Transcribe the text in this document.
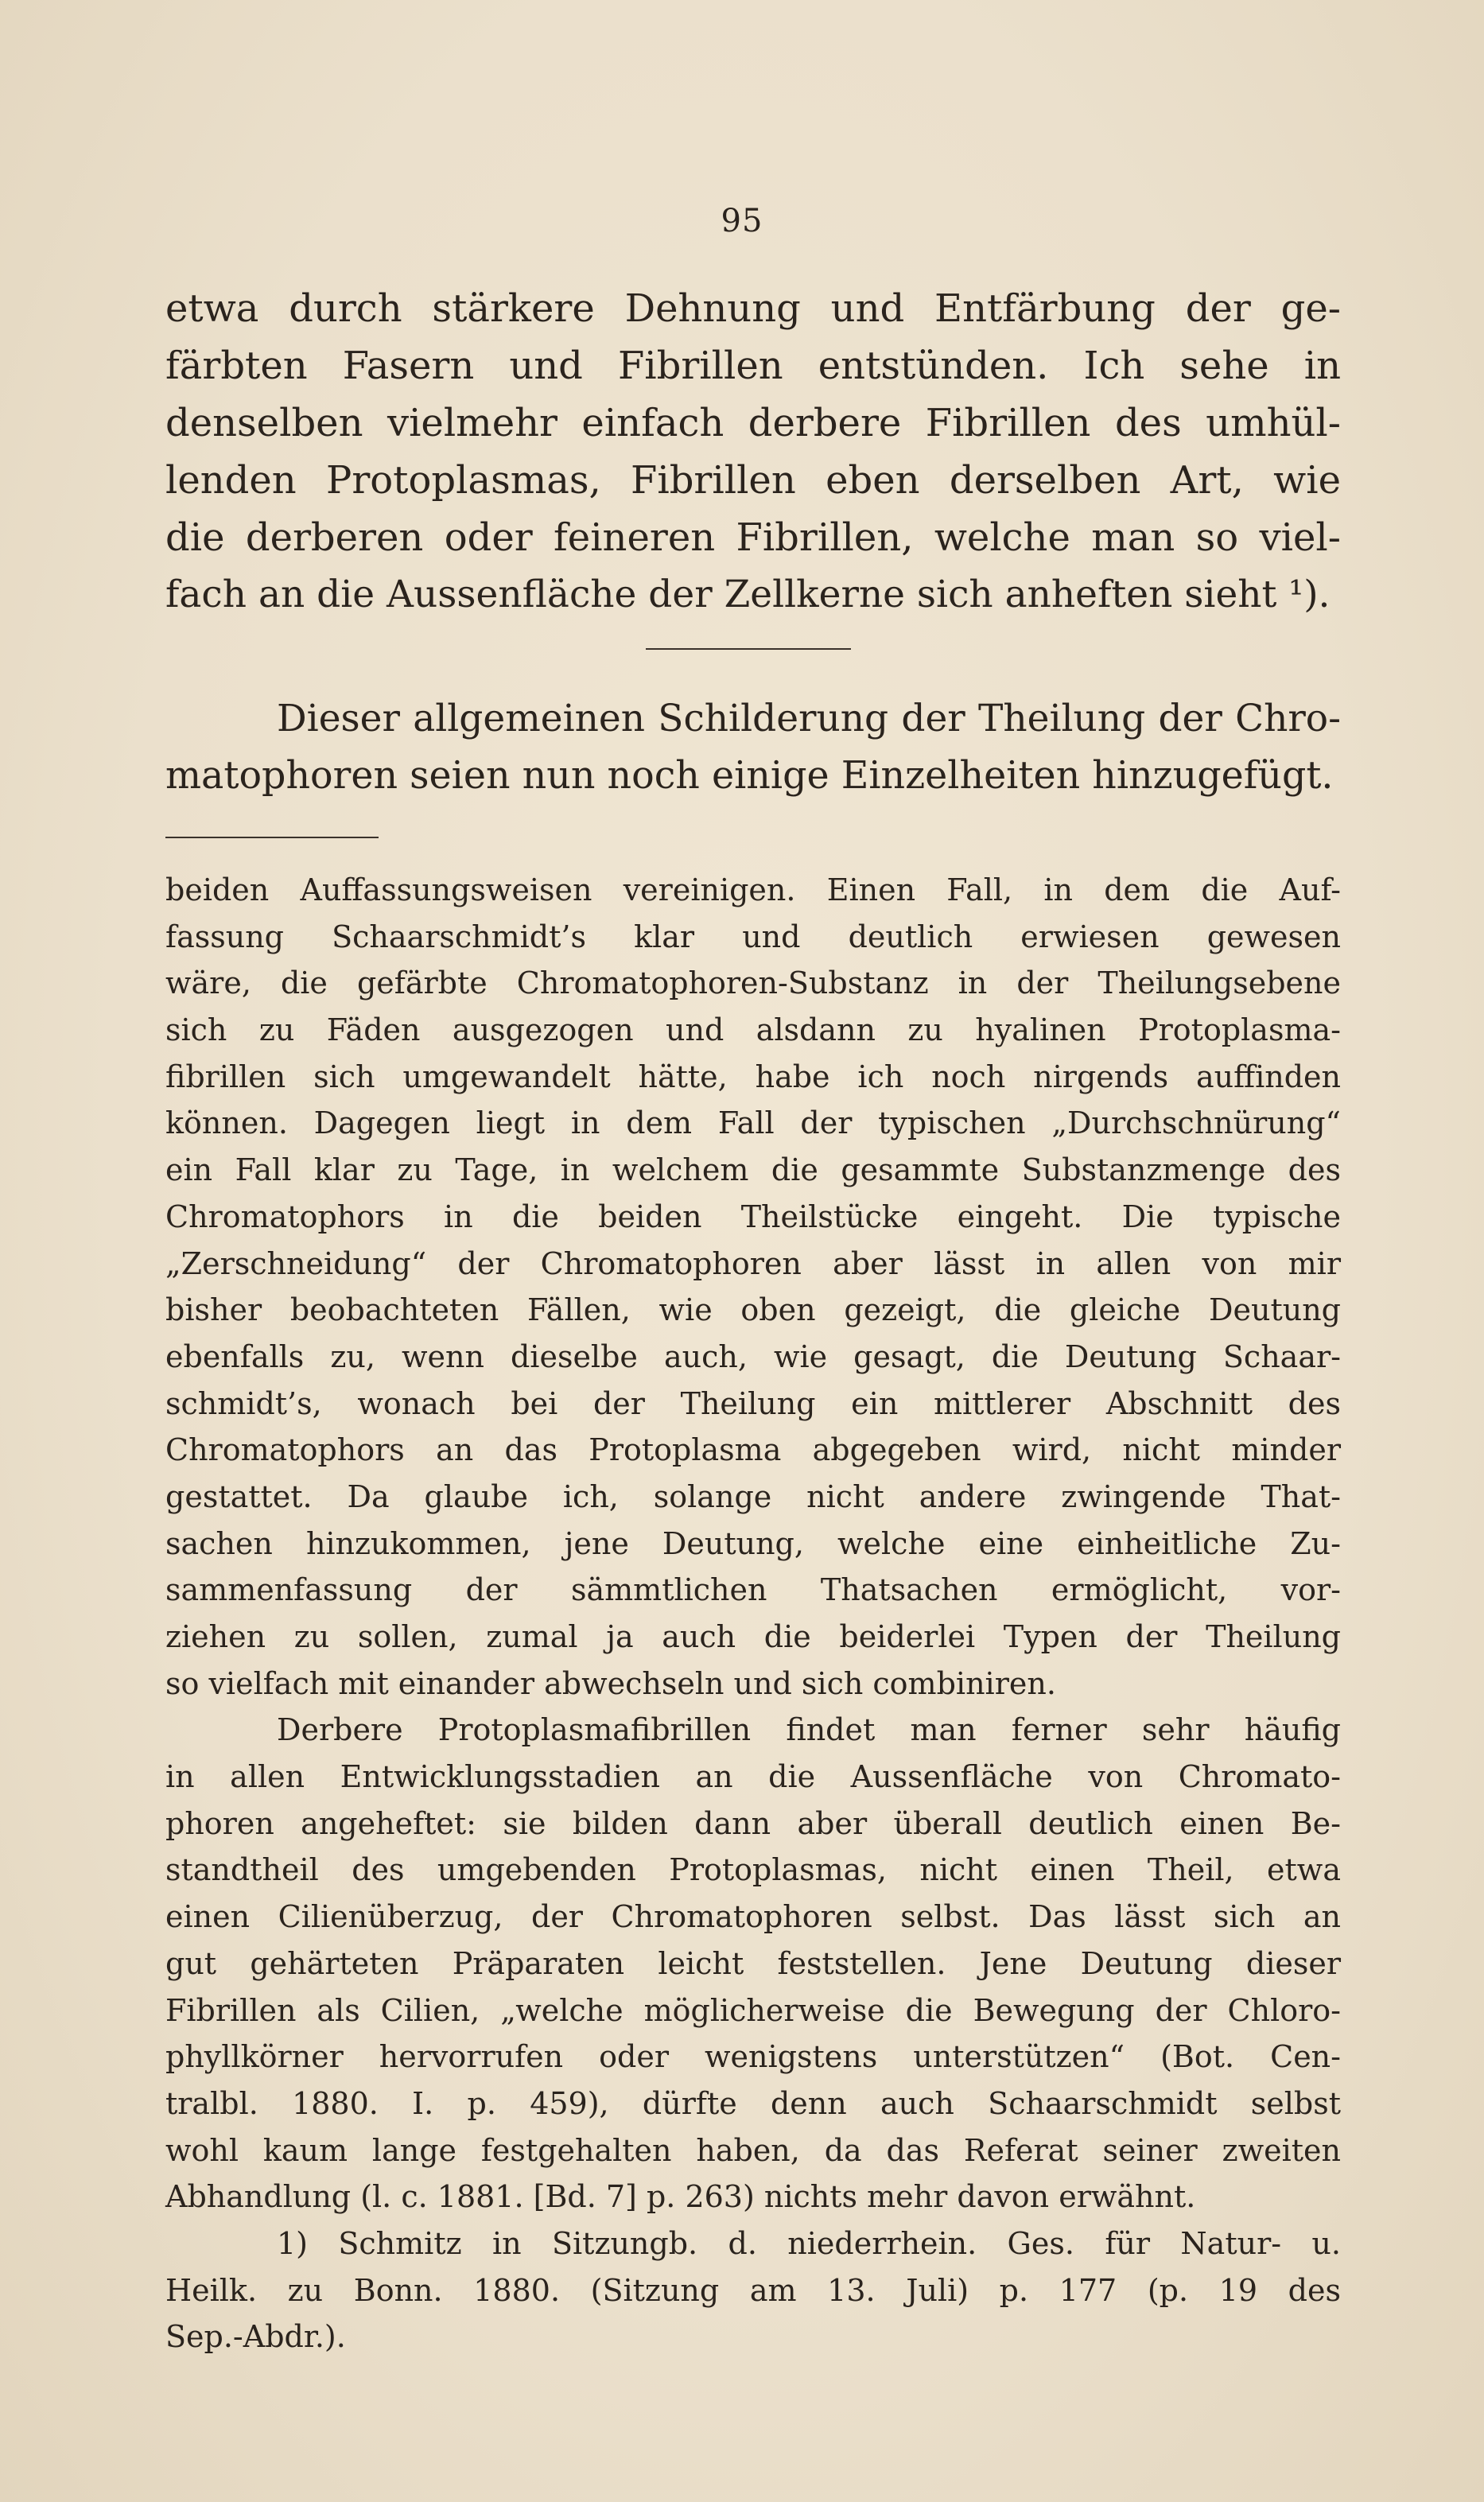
95
etwa durch stärkere Dehnung und Entfärbung der ge-
färbten Fasern und Fibrillen entstünden. Ich sehe in
denselben vielmehr einfach derbere Fibrillen des umhül-
lenden Protoplasmas, Fibrillen eben derselben Art, wie
die derberen oder feineren Fibrillen, welche man so viel-
fach an die Aussenfläche der Zellkerne sich anheften sieht ¹).
Dieser allgemeinen Schilderung der Theilung der Chro-
matophoren seien nun noch einige Einzelheiten hinzugefügt.
beiden Auffassungsweisen vereinigen. Einen Fall, in dem die Auf-
fassung Schaarschmidt’s klar und deutlich erwiesen gewesen
wäre, die gefärbte Chromatophoren-Substanz in der Theilungsebene
sich zu Fäden ausgezogen und alsdann zu hyalinen Protoplasma-
fibrillen sich umgewandelt hätte, habe ich noch nirgends auffinden
können. Dagegen liegt in dem Fall der typischen „Durchschnürung“
ein Fall klar zu Tage, in welchem die gesammte Substanzmenge des
Chromatophors in die beiden Theilstücke eingeht. Die typische
„Zerschneidung“ der Chromatophoren aber lässt in allen von mir
bisher beobachteten Fällen, wie oben gezeigt, die gleiche Deutung
ebenfalls zu, wenn dieselbe auch, wie gesagt, die Deutung Schaar-
schmidt’s, wonach bei der Theilung ein mittlerer Abschnitt des
Chromatophors an das Protoplasma abgegeben wird, nicht minder
gestattet. Da glaube ich, solange nicht andere zwingende That-
sachen hinzukommen, jene Deutung, welche eine einheitliche Zu-
sammenfassung der sämmtlichen Thatsachen ermöglicht, vor-
ziehen zu sollen, zumal ja auch die beiderlei Typen der Theilung
so vielfach mit einander abwechseln und sich combiniren.
Derbere Protoplasmafibrillen findet man ferner sehr häufig
in allen Entwicklungsstadien an die Aussenfläche von Chromato-
phoren angeheftet: sie bilden dann aber überall deutlich einen Be-
standtheil des umgebenden Protoplasmas, nicht einen Theil, etwa
einen Cilienüberzug, der Chromatophoren selbst. Das lässt sich an
gut gehärteten Präparaten leicht feststellen. Jene Deutung dieser
Fibrillen als Cilien, „welche möglicherweise die Bewegung der Chloro-
phyllkörner hervorrufen oder wenigstens unterstützen“ (Bot. Cen-
tralbl. 1880. I. p. 459), dürfte denn auch Schaarschmidt selbst
wohl kaum lange festgehalten haben, da das Referat seiner zweiten
Abhandlung (l. c. 1881. [Bd. 7] p. 263) nichts mehr davon erwähnt.
1) Schmitz in Sitzungb. d. niederrhein. Ges. für Natur- u.
Heilk. zu Bonn. 1880. (Sitzung am 13. Juli) p. 177 (p. 19 des
Sep.-Abdr.).
